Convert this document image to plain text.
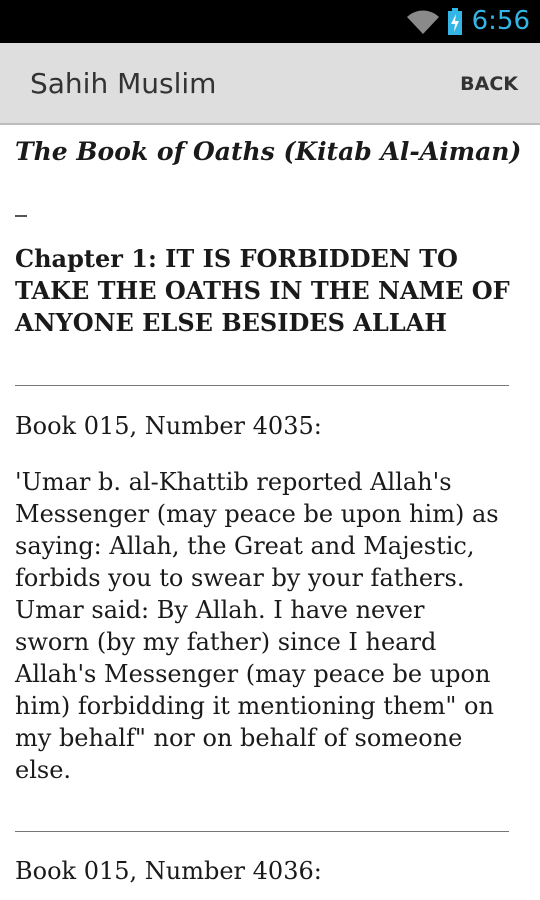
6:56
Sahih Muslim	BACK
The Book of Oaths (Kitab Al-Aiman)
Chapter 1: IT IS FORBIDDEN TO TAKE THE OATHS IN THE NAME OF ANYONE ELSE BESIDES ALLAH
Book 015, Number 4035:
'Umar b. al-Khattib reported Allah's
Messenger (may peace be upon him) as
saying: Allah, the Great and Majestic,
forbids you to swear by your fathers.
Umar said: By Allah. I have never
sworn (by my father) since I heard
Allah's Messenger (may peace be upon
him) forbidding it mentioning them" on
my behalf" nor on behalf of someone
else.
Book 015, Number 4036:
